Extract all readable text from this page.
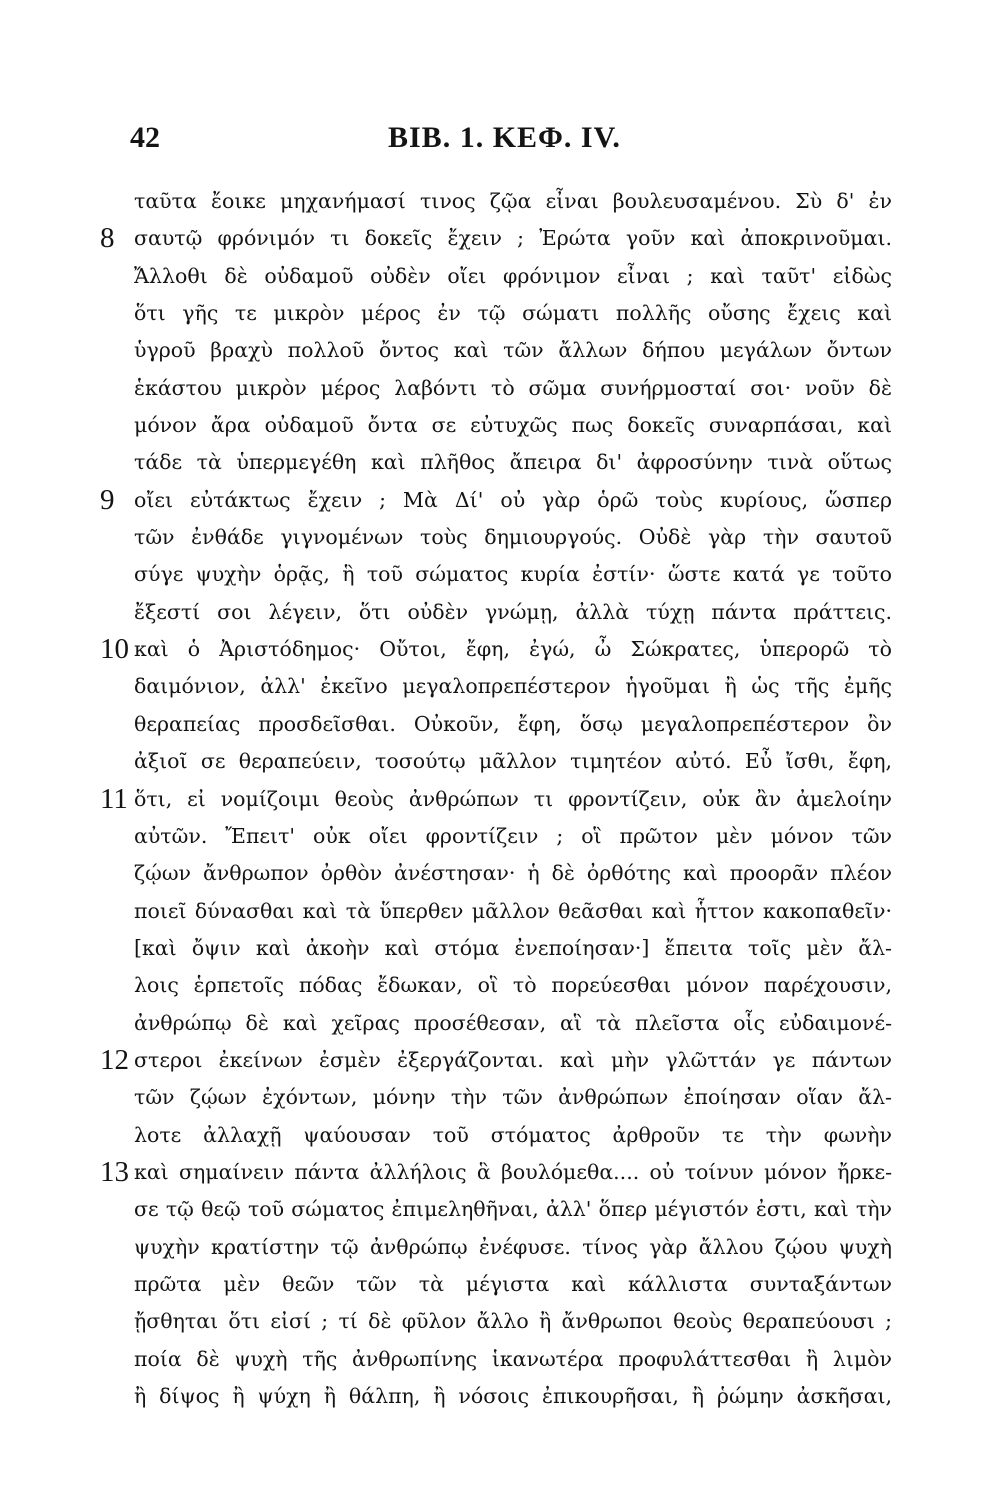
42	BIB. 1. ΚΕΦ. IV.
ταῦτα ἔοικε μηχανήμασί τινος ζῷα εἶναι βουλευσαμένου. Σὺ δ' ἐν
8 σαυτῷ φρόνιμόν τι δοκεῖς ἔχειν ; Ἐρώτα γοῦν καὶ ἀποκρινοῦμαι.
Ἄλλοθι δὲ οὐδαμοῦ οὐδὲν οἴει φρόνιμον εἶναι ; καὶ ταῦτ' εἰδὼς
ὅτι γῆς τε μικρὸν μέρος ἐν τῷ σώματι πολλῆς οὔσης ἔχεις καὶ
ὑγροῦ βραχὺ πολλοῦ ὄντος καὶ τῶν ἄλλων δήπου μεγάλων ὄντων
ἑκάστου μικρὸν μέρος λαβόντι τὸ σῶμα συνήρμοσταί σοι· νοῦν δὲ
μόνον ἄρα οὐδαμοῦ ὄντα σε εὐτυχῶς πως δοκεῖς συναρπάσαι, καὶ
τάδε τὰ ὑπερμεγέθη καὶ πλῆθος ἄπειρα δι' ἀφροσύνην τινὰ οὕτως
9 οἴει εὐτάκτως ἔχειν ; Μὰ Δί' οὐ γὰρ ὁρῶ τοὺς κυρίους, ὥσπερ
τῶν ἐνθάδε γιγνομένων τοὺς δημιουργούς. Οὐδὲ γὰρ τὴν σαυτοῦ
σύγε ψυχὴν ὁρᾷς, ἣ τοῦ σώματος κυρία ἐστίν· ὥστε κατά γε τοῦτο
ἔξεστί σοι λέγειν, ὅτι οὐδὲν γνώμῃ, ἀλλὰ τύχῃ πάντα πράττεις.
10 καὶ ὁ Ἀριστόδημος· Οὔτοι, ἔφη, ἐγώ, ὦ Σώκρατες, ὑπερορῶ τὸ
δαιμόνιον, ἀλλ' ἐκεῖνο μεγαλοπρεπέστερον ἡγοῦμαι ἢ ὡς τῆς ἐμῆς
θεραπείας προσδεῖσθαι. Οὐκοῦν, ἔφη, ὅσῳ μεγαλοπρεπέστερον ὂν
ἀξιοῖ σε θεραπεύειν, τοσούτῳ μᾶλλον τιμητέον αὐτό. Εὖ ἴσθι, ἔφη,
11 ὅτι, εἰ νομίζοιμι θεοὺς ἀνθρώπων τι φροντίζειν, οὐκ ἂν ἀμελοίην
αὐτῶν. Ἔπειτ' οὐκ οἴει φροντίζειν ; οἳ πρῶτον μὲν μόνον τῶν
ζῴων ἄνθρωπον ὀρθὸν ἀνέστησαν· ἡ δὲ ὀρθότης καὶ προορᾶν πλέον
ποιεῖ δύνασθαι καὶ τὰ ὕπερθεν μᾶλλον θεᾶσθαι καὶ ἧττον κακοπαθεῖν·
[καὶ ὄψιν καὶ ἀκοὴν καὶ στόμα ἐνεποίησαν·] ἔπειτα τοῖς μὲν ἄλ-
λοις ἑρπετοῖς πόδας ἔδωκαν, οἳ τὸ πορεύεσθαι μόνον παρέχουσιν,
ἀνθρώπῳ δὲ καὶ χεῖρας προσέθεσαν, αἳ τὰ πλεῖστα οἷς εὐδαιμονέ-
12 στεροι ἐκείνων ἐσμὲν ἐξεργάζονται. καὶ μὴν γλῶττάν γε πάντων
τῶν ζῴων ἐχόντων, μόνην τὴν τῶν ἀνθρώπων ἐποίησαν οἵαν ἄλ-
λοτε ἀλλαχῇ ψαύουσαν τοῦ στόματος ἀρθροῦν τε τὴν φωνὴν
13 καὶ σημαίνειν πάντα ἀλλήλοις ἃ βουλόμεθα.... οὐ τοίνυν μόνον ἤρκε-
σε τῷ θεῷ τοῦ σώματος ἐπιμεληθῆναι, ἀλλ' ὅπερ μέγιστόν ἐστι, καὶ τὴν
ψυχὴν κρατίστην τῷ ἀνθρώπῳ ἐνέφυσε. τίνος γὰρ ἄλλου ζῴου ψυχὴ
πρῶτα μὲν θεῶν τῶν τὰ μέγιστα καὶ κάλλιστα συνταξάντων
ᾔσθηται ὅτι εἰσί ; τί δὲ φῦλον ἄλλο ἢ ἄνθρωποι θεοὺς θεραπεύουσι ;
ποία δὲ ψυχὴ τῆς ἀνθρωπίνης ἱκανωτέρα προφυλάττεσθαι ἢ λιμὸν
ἢ δίψος ἢ ψύχη ἢ θάλπη, ἢ νόσοις ἐπικουρῆσαι, ἢ ῥώμην ἀσκῆσαι,
